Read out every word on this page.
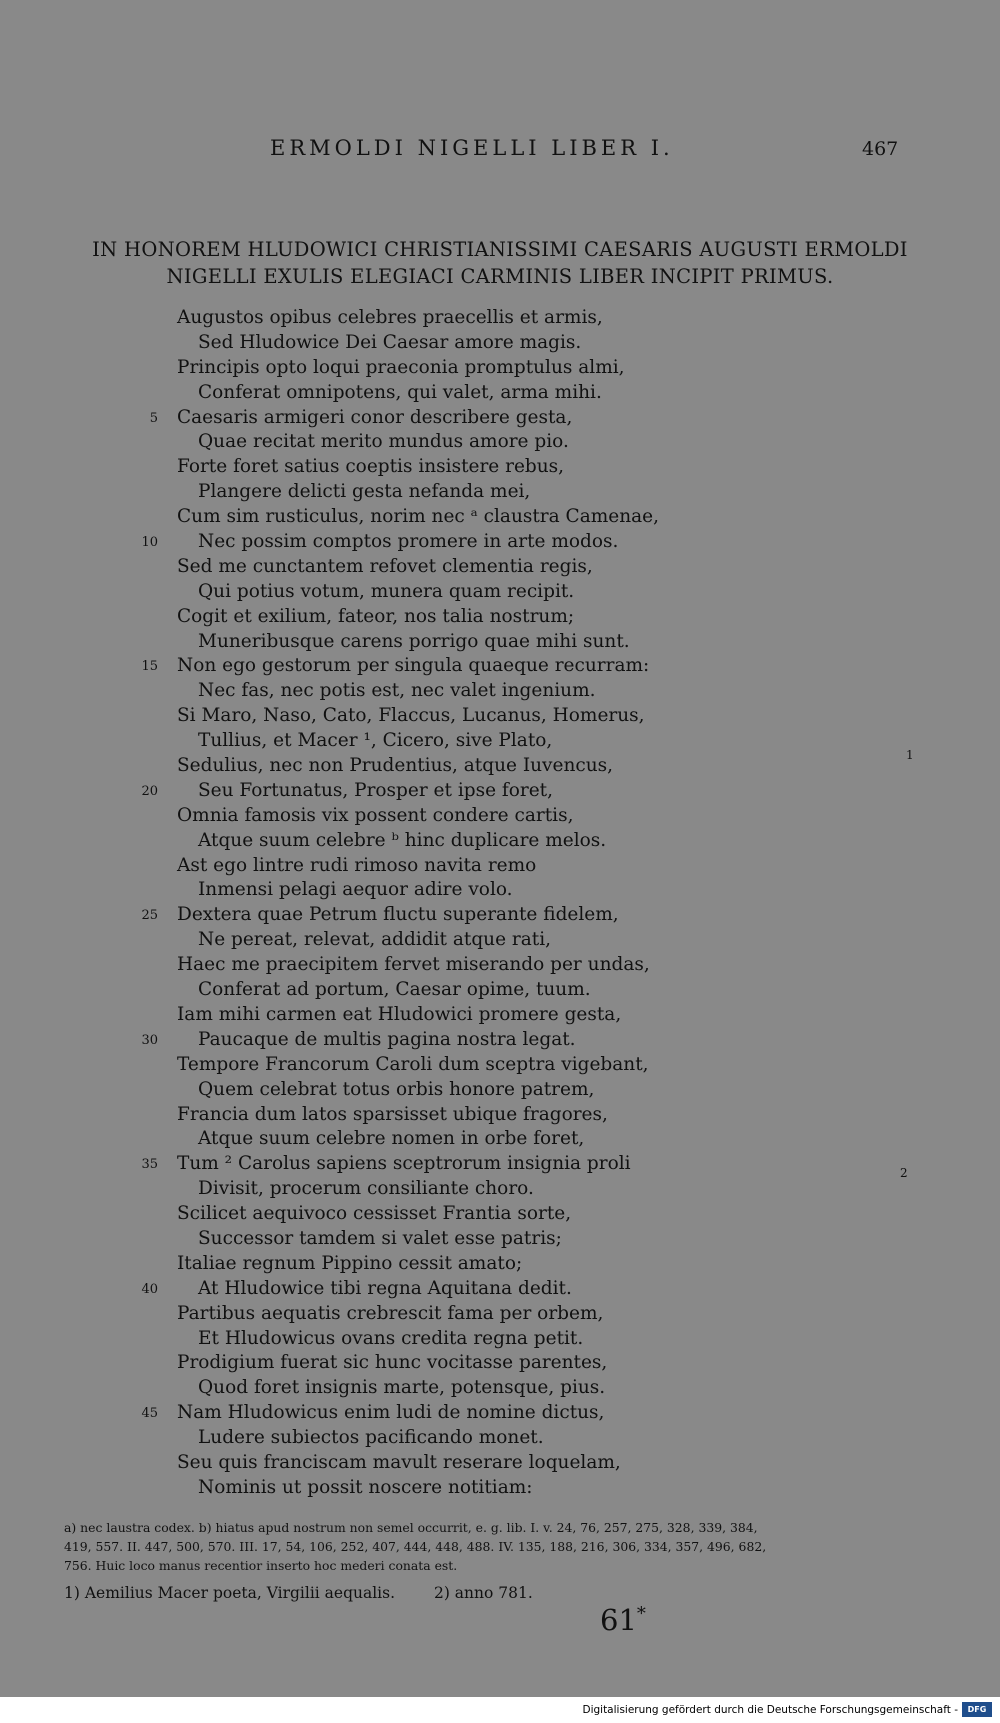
ERMOLDI NIGELLI LIBER I.	467
IN HONOREM HLUDOWICI CHRISTIANISSIMI CAESARIS AUGUSTI ERMOLDI
NIGELLI EXULIS ELEGIACI CARMINIS LIBER INCIPIT PRIMUS.
Augustos opibus celebres praecellis et armis,
Sed Hludowice Dei Caesar amore magis.
Principis opto loqui praeconia promptulus almi,
Conferat omnipotens, qui valet, arma mihi.
5 Caesaris armigeri conor describere gesta,
Quae recitat merito mundus amore pio.
Forte foret satius coeptis insistere rebus,
Plangere delicti gesta nefanda mei,
Cum sim rusticulus, norim nec ᵃ claustra Camenae,
10 Nec possim comptos promere in arte modos.
Sed me cunctantem refovet clementia regis,
Qui potius votum, munera quam recipit.
Cogit et exilium, fateor, nos talia nostrum;
Muneribusque carens porrigo quae mihi sunt.
15 Non ego gestorum per singula quaeque recurram:
Nec fas, nec potis est, nec valet ingenium.
Si Maro, Naso, Cato, Flaccus, Lucanus, Homerus,
Tullius, et Macer ¹, Cicero, sive Plato,
Sedulius, nec non Prudentius, atque Iuvencus,
20 Seu Fortunatus, Prosper et ipse foret,
Omnia famosis vix possent condere cartis,
Atque suum celebre ᵇ hinc duplicare melos.
Ast ego lintre rudi rimoso navita remo
Inmensi pelagi aequor adire volo.
25 Dextera quae Petrum fluctu superante fidelem,
Ne pereat, relevat, addidit atque rati,
Haec me praecipitem fervet miserando per undas,
Conferat ad portum, Caesar opime, tuum.
Iam mihi carmen eat Hludowici promere gesta,
30 Paucaque de multis pagina nostra legat.
Tempore Francorum Caroli dum sceptra vigebant,
Quem celebrat totus orbis honore patrem,
Francia dum latos sparsisset ubique fragores,
Atque suum celebre nomen in orbe foret,
35 Tum ² Carolus sapiens sceptrorum insignia proli
Divisit, procerum consiliante choro.
Scilicet aequivoco cessisset Frantia sorte,
Successor tamdem si valet esse patris;
Italiae regnum Pippino cessit amato;
40 At Hludowice tibi regna Aquitana dedit.
Partibus aequatis crebrescit fama per orbem,
Et Hludowicus ovans credita regna petit.
Prodigium fuerat sic hunc vocitasse parentes,
Quod foret insignis marte, potensque, pius.
45 Nam Hludowicus enim ludi de nomine dictus,
Ludere subiectos pacificando monet.
Seu quis franciscam mavult reserare loquelam,
Nominis ut possit noscere notitiam:
1
2
a) nec laustra codex. b) hiatus apud nostrum non semel occurrit, e. g. lib. I. v. 24, 76, 257, 275, 328, 339, 384,
419, 557. II. 447, 500, 570. III. 17, 54, 106, 252, 407, 444, 448, 488. IV. 135, 188, 216, 306, 334, 357, 496, 682,
756. Huic loco manus recentior inserto hoc mederi conata est.
1) Aemilius Macer poeta, Virgilii aequalis.	2) anno 781.
61*
Digitalisierung gefördert durch die Deutsche Forschungsgemeinschaft -	DFG
